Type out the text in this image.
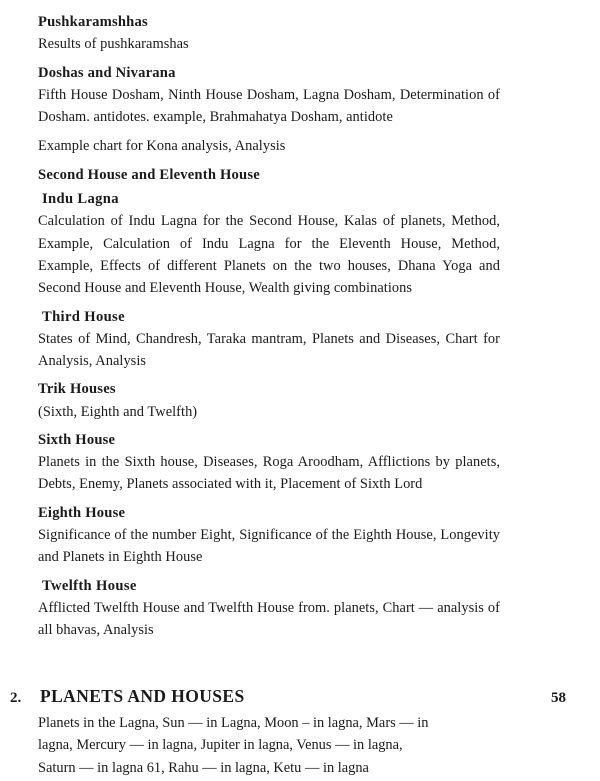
Pushkaramshhas

Results of pushkaramshas

Doshas and Nivarana

Fifth House Dosham, Ninth House Dosham, Lagna Dosham, Determination of Dosham. antidotes. example, Brahmahatya Dosham, antidote

Example chart for Kona analysis, Analysis

Second House and Eleventh House
Indu Lagna

Calculation of Indu Lagna for the Second House, Kalas of planets, Method, Example, Calculation of Indu Lagna for the Eleventh House, Method, Example, Effects of different Planets on the two houses, Dhana Yoga and Second House and Eleventh House, Wealth giving combinations

Third House

States of Mind, Chandresh, Taraka mantram, Planets and Diseases, Chart for Analysis, Analysis

Trik Houses

(Sixth, Eighth and Twelfth)

Sixth House

Planets in the Sixth house, Diseases, Roga Aroodham, Afflictions by planets, Debts, Enemy, Planets associated with it, Placement of Sixth Lord

Eighth House

Significance of the number Eight, Significance of the Eighth House, Longevity and Planets in Eighth House

Twelfth House

Afflicted Twelfth House and Twelfth House from. planets, Chart — analysis of all bhavas, Analysis

2.	PLANETS AND HOUSES	58
Planets in the Lagna, Sun — in Lagna, Moon – in lagna, Mars — in
lagna, Mercury — in lagna, Jupiter in lagna, Venus — in lagna,
Saturn — in lagna 61, Rahu — in lagna, Ketu — in lagna
